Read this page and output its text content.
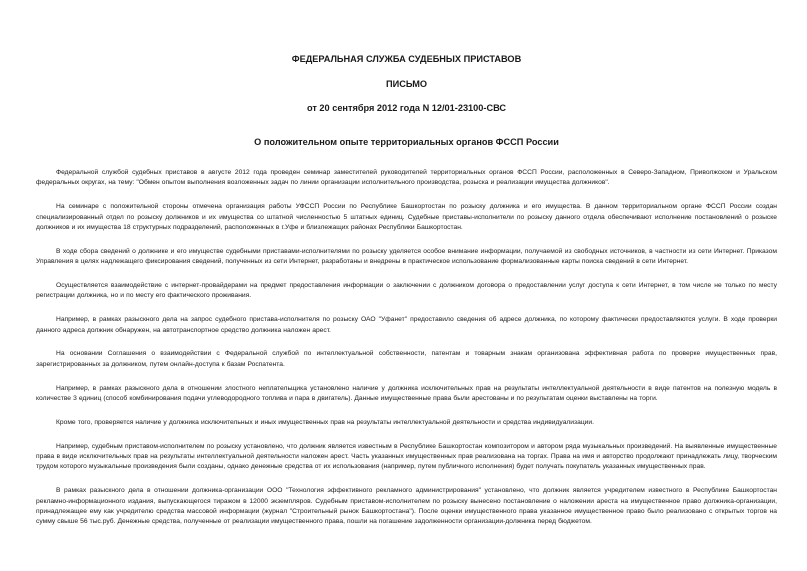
ФЕДЕРАЛЬНАЯ СЛУЖБА СУДЕБНЫХ ПРИСТАВОВ

ПИСЬМО

от 20 сентября 2012 года N 12/01-23100-СВС

О положительном опыте территориальных органов ФССП России

Федеральной службой судебных приставов в августе 2012 года проведен семинар заместителей руководителей территориальных органов ФССП России, расположенных в Северо-Западном, Приволжском и Уральском федеральных округах, на тему: "Обмен опытом выполнения возложенных задач по линии организации исполнительного производства, розыска и реализации имущества должников".

На семинаре с положительной стороны отмечена организация работы УФССП России по Республике Башкортостан по розыску должника и его имущества. В данном территориальном органе ФССП России создан специализированный отдел по розыску должников и их имущества со штатной численностью 5 штатных единиц. Судебные приставы-исполнители по розыску данного отдела обеспечивают исполнение постановлений о розыске должников и их имущества 18 структурных подразделений, расположенных в г.Уфе и близлежащих районах Республики Башкортостан.

В ходе сбора сведений о должнике и его имуществе судебными приставами-исполнителями по розыску уделяется особое внимание информации, получаемой из свободных источников, в частности из сети Интернет. Приказом Управления в целях надлежащего фиксирования сведений, полученных из сети Интернет, разработаны и внедрены в практическое использование формализованные карты поиска сведений в сети Интернет.

Осуществляется взаимодействие с интернет-провайдерами на предмет предоставления информации о заключении с должником договора о предоставлении услуг доступа к сети Интернет, в том числе не только по месту регистрации должника, но и по месту его фактического проживания.

Например, в рамках разыскного дела на запрос судебного пристава-исполнителя по розыску ОАО "Уфанет" предоставило сведения об адресе должника, по которому фактически предоставляются услуги. В ходе проверки данного адреса должник обнаружен, на автотранспортное средство должника наложен арест.

На основании Соглашения о взаимодействии с Федеральной службой по интеллектуальной собственности, патентам и товарным знакам организована эффективная работа по проверке имущественных прав, зарегистрированных за должником, путем онлайн-доступа к базам Роспатента.

Например, в рамках разыскного дела в отношении злостного неплательщика установлено наличие у должника исключительных прав на результаты интеллектуальной деятельности в виде патентов на полезную модель в количестве 3 единиц (способ комбинирования подачи углеводородного топлива и пара в двигатель). Данные имущественные права были арестованы и по результатам оценки выставлены на торги.

Кроме того, проверяется наличие у должника исключительных и иных имущественных прав на результаты интеллектуальной деятельности и средства индивидуализации.

Например, судебным приставом-исполнителем по розыску установлено, что должник является известным в Республике Башкортостан композитором и автором ряда музыкальных произведений. На выявленные имущественные права в виде исключительных прав на результаты интеллектуальной деятельности наложен арест. Часть указанных имущественных прав реализована на торгах. Права на имя и авторство продолжают принадлежать лицу, творческим трудом которого музыкальные произведения были созданы, однако денежные средства от их использования (например, путем публичного исполнения) будет получать покупатель указанных имущественных прав.

В рамках разыскного дела в отношении должника-организации ООО "Технология эффективного рекламного администрирования" установлено, что должник является учредителем известного в Республике Башкортостан рекламно-информационного издания, выпускающегося тиражом в 12000 экземпляров. Судебным приставом-исполнителем по розыску вынесено постановление о наложении ареста на имущественное право должника-организации, принадлежащее ему как учредителю средства массовой информации (журнал "Строительный рынок Башкортостана"). После оценки имущественного права указанное имущественное право было реализовано с открытых торгов на сумму свыше 56 тыс.руб. Денежные средства, полученные от реализации имущественного права, пошли на погашение задолженности организации-должника перед бюджетом.
